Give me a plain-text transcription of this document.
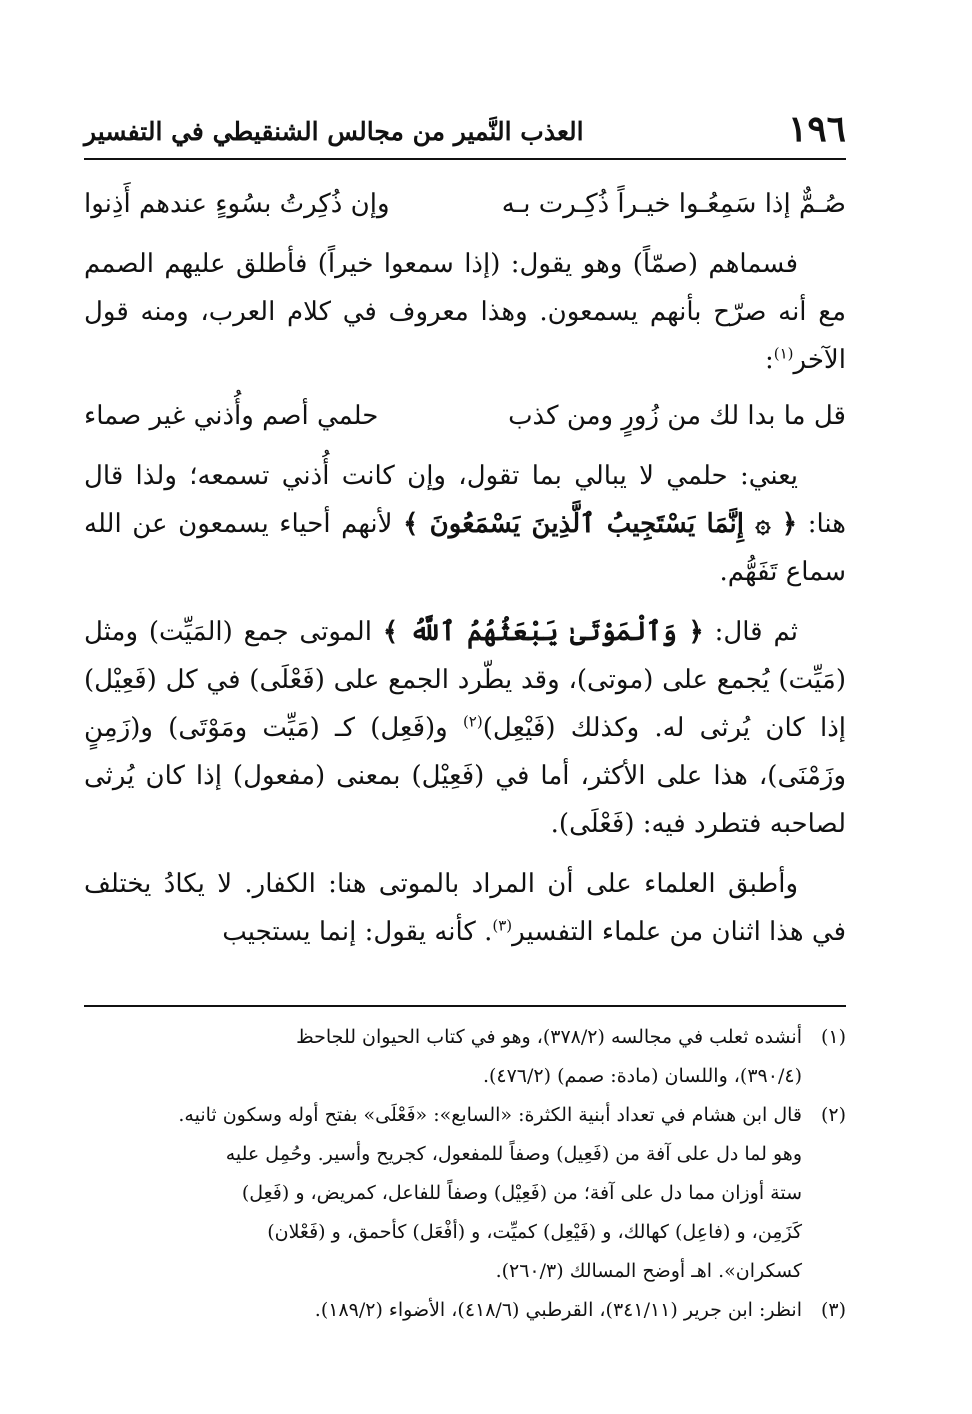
١٩٦
العذب النَّمير من مجالس الشنقيطي في التفسير
صُـمٌّ إذا سَمِعُـوا خيـراً ذُكِـرت بـه
وإن ذُكِرتُ بسُوءٍ عندهم أَذِنوا

فسماهم (صمّاً) وهو يقول: (إذا سمعوا خيراً) فأطلق عليهم الصمم مع أنه صرّح بأنهم يسمعون. وهذا معروف في كلام العرب، ومنه قول الآخر$^{(١)}$:

قل ما بدا لك من زُورٍ ومن كذب
حلمي أصم وأُذني غير صماء

يعني: حلمي لا يبالي بما تقول، وإن كانت أُذني تسمعه؛ ولذا قال هنا: ﴿ ۞ إِنَّمَا يَسْتَجِيبُ ٱلَّذِينَ يَسْمَعُونَ ﴾ لأنهم أحياء يسمعون عن الله سماع تَفَهُّم.

ثم قال: ﴿ وَٱلْمَوْتَىٰ يَبْعَثُهُمُ ٱللَّهُ ﴾ الموتى جمع (المَيِّت) ومثل (مَيِّت) يُجمع على (موتى)، وقد يطّرد الجمع على (فَعْلَى) في كل (فَعِيْل) إذا كان يُرثى له. وكذلك (فَيْعِل)$^{(٢)}$ و(فَعِل) كـ (مَيِّت ومَوْتَى) و(زَمِنٍ وزَمْنَى)، هذا على الأكثر، أما في (فَعِيْل) بمعنى (مفعول) إذا كان يُرثى لصاحبه فتطرد فيه: (فَعْلَى).

وأطبق العلماء على أن المراد بالموتى هنا: الكفار. لا يكادُ يختلف في هذا اثنان من علماء التفسير$^{(٣)}$. كأنه يقول: إنما يستجيب

(١)
أنشده ثعلب في مجالسه (٣٧٨/٢)، وهو في كتاب الحيوان للجاحظ
(٣٩٠/٤)، واللسان (مادة: صمم) (٤٧٦/٢).
(٢)
قال ابن هشام في تعداد أبنية الكثرة: «السابع»: «فَعْلَى» بفتح أوله وسكون ثانيه.
وهو لما دل على آفة من (فَعِيل) وصفاً للمفعول، كجريح وأسير. وحُمِل عليه
ستة أوزان مما دل على آفة؛ من (فَعِيْل) وصفاً للفاعل، كمريض، و (فَعِل)
كَزَمِن، و (فاعِل) كهالك، و (فَيْعِل) كميِّت، و (أفْعَل) كأحمق، و (فَعْلان)
كسكران». اهـ أوضح المسالك (٢٦٠/٣).
(٣)
انظر: ابن جرير (٣٤١/١١)، القرطبي (٤١٨/٦)، الأضواء (١٨٩/٢).
